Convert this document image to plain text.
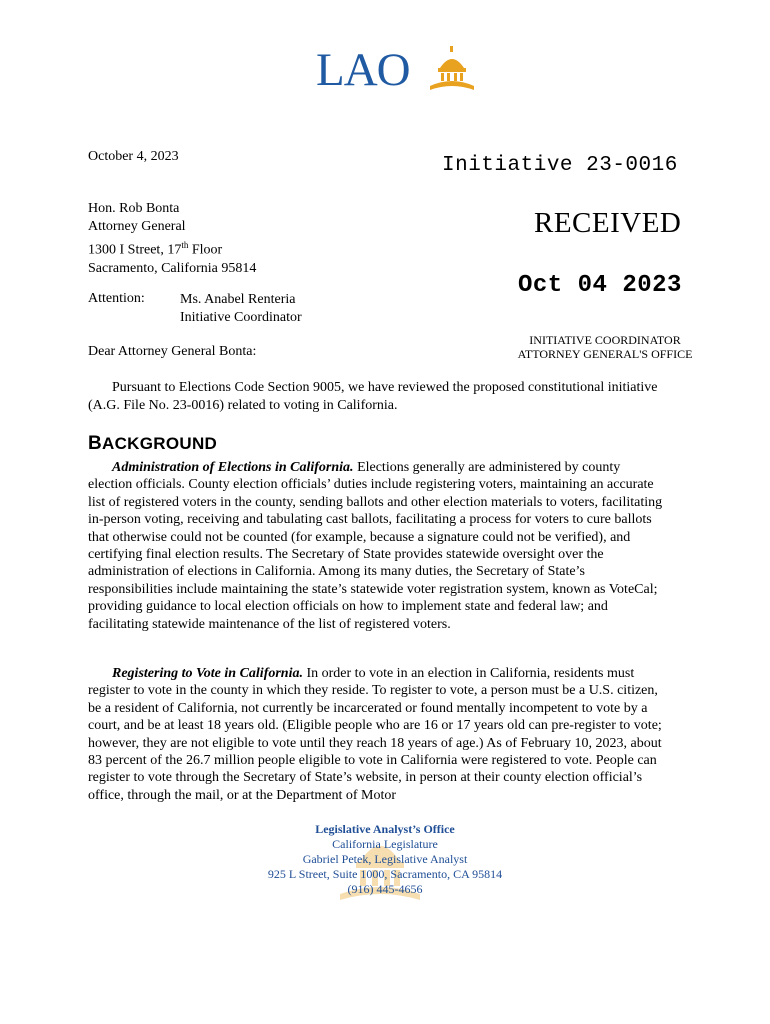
LAO
October 4, 2023	Initiative 23-0016
Hon. Rob Bonta
Attorney General
1300 I Street, 17th Floor
Sacramento, California 95814
RECEIVED
Oct 04 2023
Attention:	Ms. Anabel Renteria
Initiative Coordinator
INITIATIVE COORDINATOR
ATTORNEY GENERAL'S OFFICE
Dear Attorney General Bonta:
Pursuant to Elections Code Section 9005, we have reviewed the proposed constitutional initiative (A.G. File No. 23-0016) related to voting in California.
BACKGROUND

Administration of Elections in California. Elections generally are administered by county election officials. County election officials’ duties include registering voters, maintaining an accurate list of registered voters in the county, sending ballots and other election materials to voters, facilitating in-person voting, receiving and tabulating cast ballots, facilitating a process for voters to cure ballots that otherwise could not be counted (for example, because a signature could not be verified), and certifying final election results. The Secretary of State provides statewide oversight over the administration of elections in California. Among its many duties, the Secretary of State’s responsibilities include maintaining the state’s statewide voter registration system, known as VoteCal; providing guidance to local election officials on how to implement state and federal law; and facilitating statewide maintenance of the list of registered voters.

Registering to Vote in California. In order to vote in an election in California, residents must register to vote in the county in which they reside. To register to vote, a person must be a U.S. citizen, be a resident of California, not currently be incarcerated or found mentally incompetent to vote by a court, and be at least 18 years old. (Eligible people who are 16 or 17 years old can pre-register to vote; however, they are not eligible to vote until they reach 18 years of age.) As of February 10, 2023, about 83 percent of the 26.7 million people eligible to vote in California were registered to vote. People can register to vote through the Secretary of State’s website, in person at their county election official’s office, through the mail, or at the Department of Motor

Legislative Analyst’s Office
California Legislature
Gabriel Petek, Legislative Analyst
925 L Street, Suite 1000, Sacramento, CA 95814
(916) 445-4656
